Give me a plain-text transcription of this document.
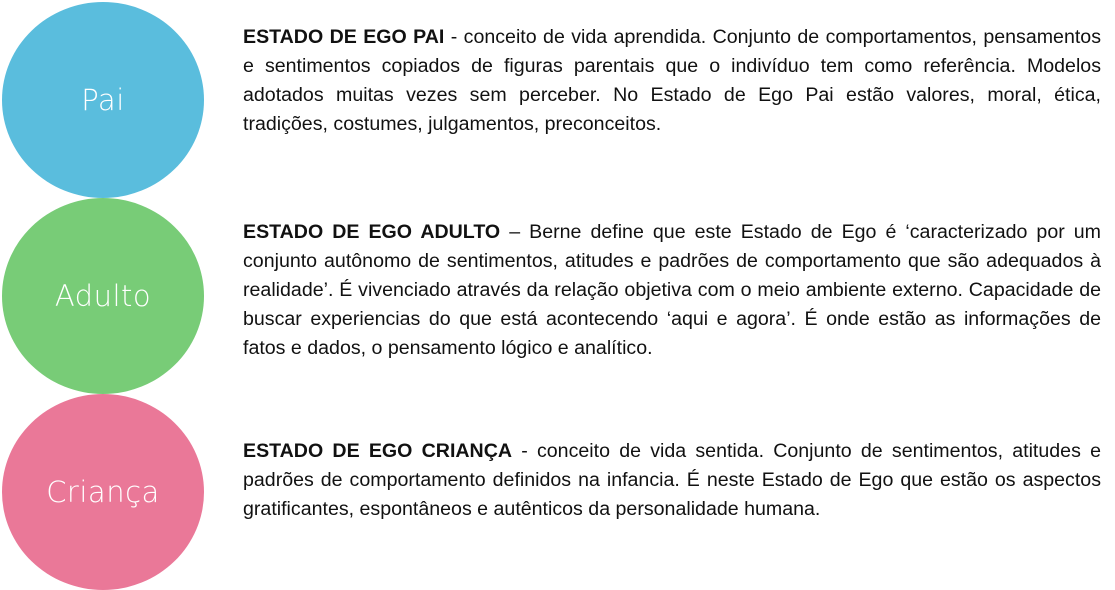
Pai
Adulto
Criança
ESTADO DE EGO PAI - conceito de vida aprendida. Conjunto de comportamentos, pensamentos e sentimentos copiados de figuras parentais que o indivíduo tem como referência. Modelos adotados muitas vezes sem perceber. No Estado de Ego Pai estão valores, moral, ética, tradições, costumes, julgamentos, preconceitos.
ESTADO DE EGO ADULTO – Berne define que este Estado de Ego é ‘caracterizado por um conjunto autônomo de sentimentos, atitudes e padrões de comportamento que são adequados à realidade’. É vivenciado através da relação objetiva com o meio ambiente externo. Capacidade de buscar experiencias do que está acontecendo ‘aqui e agora’. É onde estão as informações de fatos e dados, o pensamento lógico e analítico.
ESTADO DE EGO CRIANÇA - conceito de vida sentida. Conjunto de sentimentos, atitudes e padrões de comportamento definidos na infancia. É neste Estado de Ego que estão os aspectos gratificantes, espontâneos e autênticos da personalidade humana.
